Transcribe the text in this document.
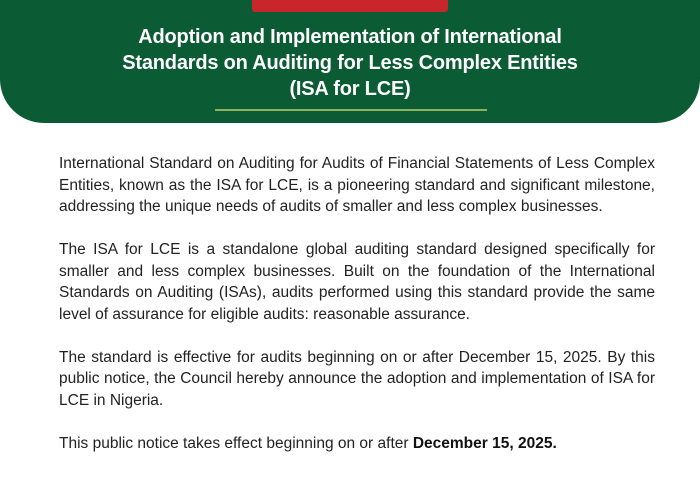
Adoption and Implementation of International
Standards on Auditing for Less Complex Entities
(ISA for LCE)

International Standard on Auditing for Audits of Financial Statements of Less Complex Entities, known as the ISA for LCE, is a pioneering standard and significant milestone, addressing the unique needs of audits of smaller and less complex businesses.

The ISA for LCE is a standalone global auditing standard designed specifically for smaller and less complex businesses. Built on the foundation of the International Standards on Auditing (ISAs), audits performed using this standard provide the same level of assurance for eligible audits: reasonable assurance.

The standard is effective for audits beginning on or after December 15, 2025. By this public notice, the Council hereby announce the adoption and implementation of ISA for LCE in Nigeria.

This public notice takes effect beginning on or after December 15, 2025.
